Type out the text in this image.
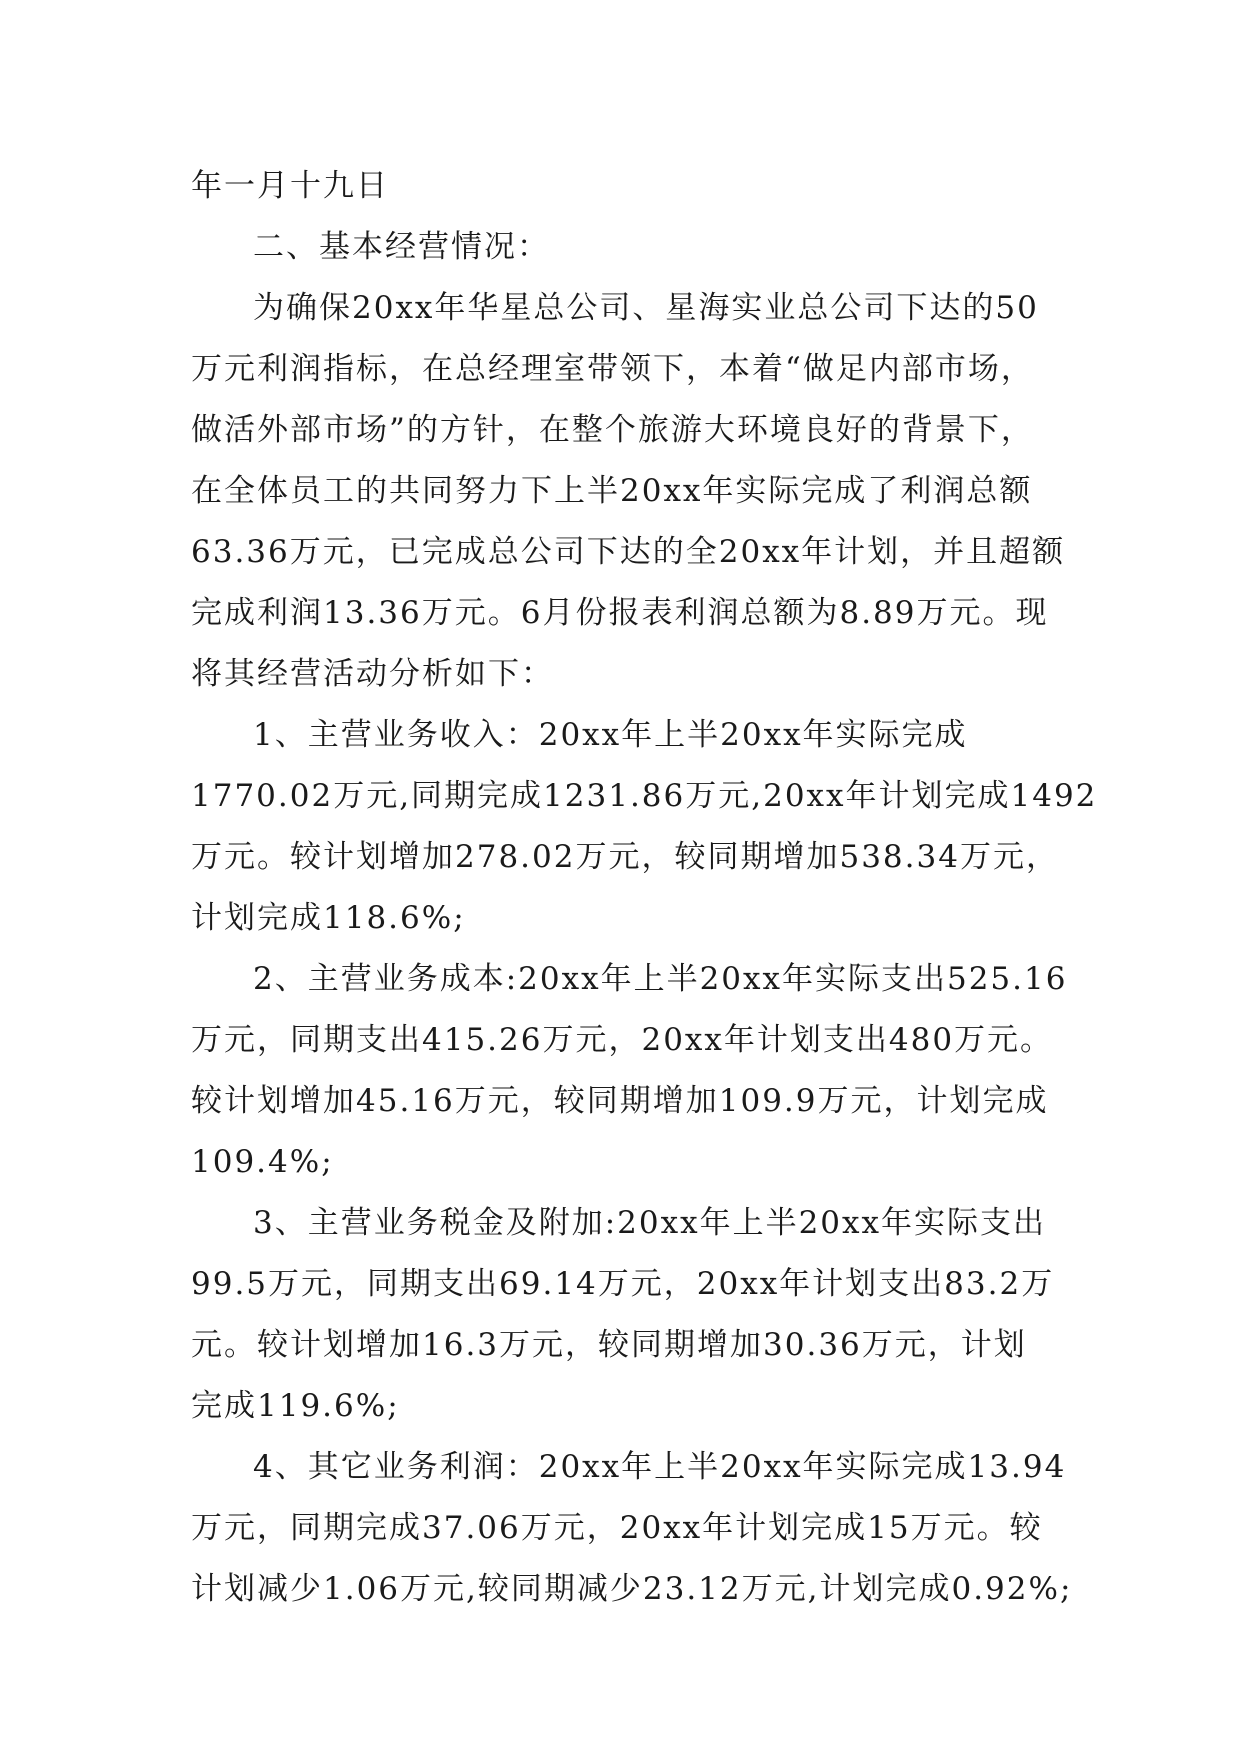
年一月十九日
二、基本经营情况：
为确保20xx年华星总公司、星海实业总公司下达的50
万元利润指标，在总经理室带领下，本着“做足内部市场，
做活外部市场”的方针，在整个旅游大环境良好的背景下，
在全体员工的共同努力下上半20xx年实际完成了利润总额
63.36万元，已完成总公司下达的全20xx年计划，并且超额
完成利润13.36万元。6月份报表利润总额为8.89万元。现
将其经营活动分析如下：
1、主营业务收入：20xx年上半20xx年实际完成
1770.02万元,同期完成1231.86万元,20xx年计划完成1492
万元。较计划增加278.02万元，较同期增加538.34万元，
计划完成118.6%;
2、主营业务成本:20xx年上半20xx年实际支出525.16
万元，同期支出415.26万元，20xx年计划支出480万元。
较计划增加45.16万元，较同期增加109.9万元，计划完成
109.4%;
3、主营业务税金及附加:20xx年上半20xx年实际支出
99.5万元，同期支出69.14万元，20xx年计划支出83.2万
元。较计划增加16.3万元，较同期增加30.36万元，计划
完成119.6%;
4、其它业务利润：20xx年上半20xx年实际完成13.94
万元，同期完成37.06万元，20xx年计划完成15万元。较
计划减少1.06万元,较同期减少23.12万元,计划完成0.92%;
